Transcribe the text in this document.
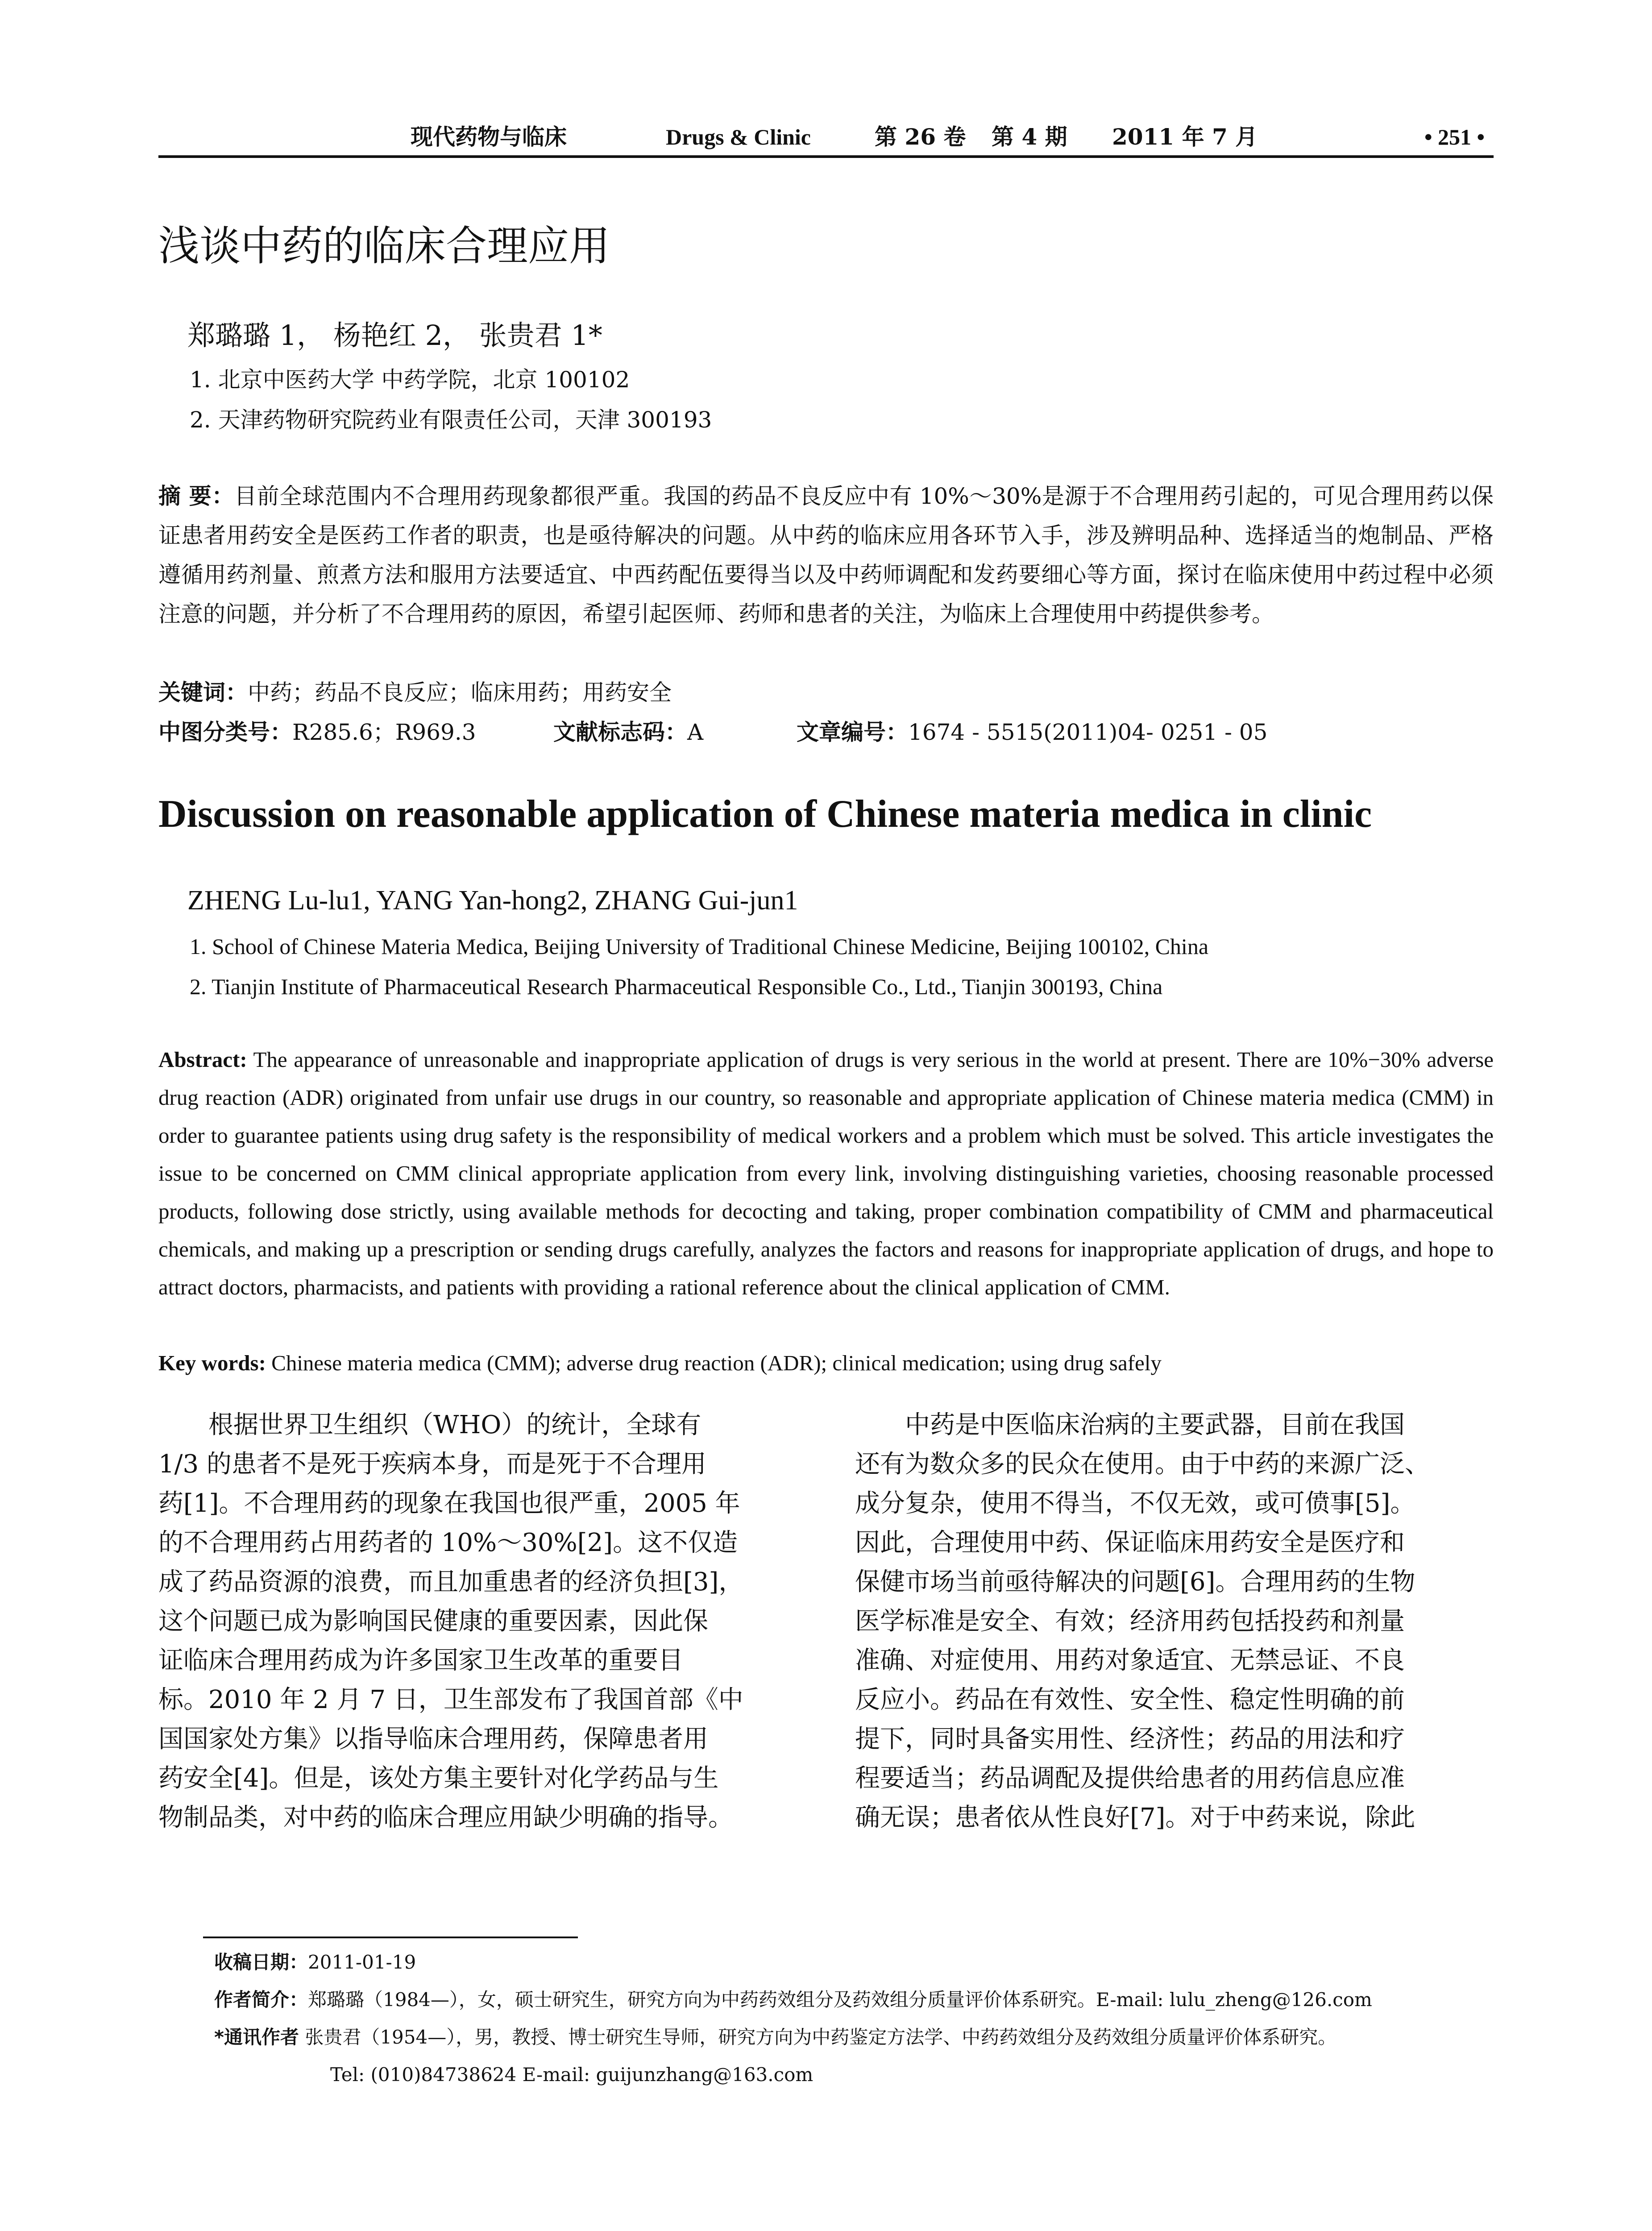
现代药物与临床	Drugs & Clinic	第 26 卷 第 4 期 2011 年 7 月	• 251 •
浅谈中药的临床合理应用
郑璐璐 1， 杨艳红 2， 张贵君 1*
1. 北京中医药大学 中药学院，北京 100102
2. 天津药物研究院药业有限责任公司，天津 300193
摘 要：目前全球范围内不合理用药现象都很严重。我国的药品不良反应中有 10%～30%是源于不合理用药引起的，可见合理用药以保证患者用药安全是医药工作者的职责，也是亟待解决的问题。从中药的临床应用各环节入手，涉及辨明品种、选择适当的炮制品、严格遵循用药剂量、煎煮方法和服用方法要适宜、中西药配伍要得当以及中药师调配和发药要细心等方面，探讨在临床使用中药过程中必须注意的问题，并分析了不合理用药的原因，希望引起医师、药师和患者的关注，为临床上合理使用中药提供参考。
关键词：中药；药品不良反应；临床用药；用药安全
中图分类号：R285.6；R969.3	文献标志码：A	文章编号：1674 - 5515(2011)04- 0251 - 05
Discussion on reasonable application of Chinese materia medica in clinic
ZHENG Lu-lu1, YANG Yan-hong2, ZHANG Gui-jun1
1. School of Chinese Materia Medica, Beijing University of Traditional Chinese Medicine, Beijing 100102, China
2. Tianjin Institute of Pharmaceutical Research Pharmaceutical Responsible Co., Ltd., Tianjin 300193, China
Abstract: The appearance of unreasonable and inappropriate application of drugs is very serious in the world at present. There are 10%−30% adverse drug reaction (ADR) originated from unfair use drugs in our country, so reasonable and appropriate application of Chinese materia medica (CMM) in order to guarantee patients using drug safety is the responsibility of medical workers and a problem which must be solved. This article investigates the issue to be concerned on CMM clinical appropriate application from every link, involving distinguishing varieties, choosing reasonable processed products, following dose strictly, using available methods for decocting and taking, proper combination compatibility of CMM and pharmaceutical chemicals, and making up a prescription or sending drugs carefully, analyzes the factors and reasons for inappropriate application of drugs, and hope to attract doctors, pharmacists, and patients with providing a rational reference about the clinical application of CMM.
Key words: Chinese materia medica (CMM); adverse drug reaction (ADR); clinical medication; using drug safely
根据世界卫生组织（WHO）的统计，全球有
1/3 的患者不是死于疾病本身，而是死于不合理用
药[1]。不合理用药的现象在我国也很严重，2005 年
的不合理用药占用药者的 10%～30%[2]。这不仅造
成了药品资源的浪费，而且加重患者的经济负担[3]，
这个问题已成为影响国民健康的重要因素，因此保
证临床合理用药成为许多国家卫生改革的重要目
标。2010 年 2 月 7 日，卫生部发布了我国首部《中
国国家处方集》以指导临床合理用药，保障患者用
药安全[4]。但是，该处方集主要针对化学药品与生
物制品类，对中药的临床合理应用缺少明确的指导。
中药是中医临床治病的主要武器，目前在我国
还有为数众多的民众在使用。由于中药的来源广泛、
成分复杂，使用不得当，不仅无效，或可偾事[5]。
因此，合理使用中药、保证临床用药安全是医疗和
保健市场当前亟待解决的问题[6]。合理用药的生物
医学标准是安全、有效；经济用药包括投药和剂量
准确、对症使用、用药对象适宜、无禁忌证、不良
反应小。药品在有效性、安全性、稳定性明确的前
提下，同时具备实用性、经济性；药品的用法和疗
程要适当；药品调配及提供给患者的用药信息应准
确无误；患者依从性良好[7]。对于中药来说，除此
收稿日期：2011-01-19
作者简介：郑璐璐（1984—），女，硕士研究生，研究方向为中药药效组分及药效组分质量评价体系研究。E-mail: lulu_zheng@126.com
*通讯作者 张贵君（1954—），男，教授、博士研究生导师，研究方向为中药鉴定方法学、中药药效组分及药效组分质量评价体系研究。
Tel: (010)84738624 E-mail: guijunzhang@163.com
